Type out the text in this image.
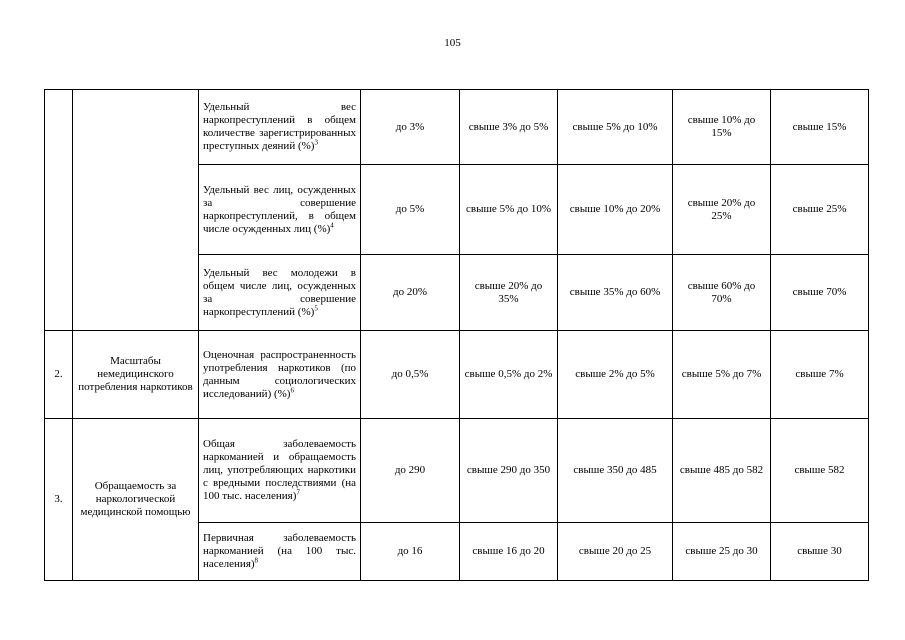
105
		Удельный вес наркопреступлений в общем количестве зарегистрированных преступных деяний (%)$^3$	до 3%	свыше 3% до 5%	свыше 5% до 10%	свыше 10% до 15%	свыше 15%
		Удельный вес лиц, осужденных за совершение наркопреступлений, в общем числе осужденных лиц (%)$^4$	до 5%	свыше 5% до 10%	свыше 10% до 20%	свыше 20% до 25%	свыше 25%
		Удельный вес молодежи в общем числе лиц, осужденных за совершение наркопреступлений (%)$^5$	до 20%	свыше 20% до 35%	свыше 35% до 60%	свыше 60% до 70%	свыше 70%
2.	Масштабы немедицинского потребления наркотиков	Оценочная распространенность употребления наркотиков (по данным социологических исследований) (%)$^6$	до 0,5%	свыше 0,5% до 2%	свыше 2% до 5%	свыше 5% до 7%	свыше 7%
3.	Обращаемость за наркологической медицинской помощью	Общая заболеваемость наркоманией и обращаемость лиц, употребляющих наркотики с вредными последствиями (на 100 тыс. населения)$^7$	до 290	свыше 290 до 350	свыше 350 до 485	свыше 485 до 582	свыше 582
		Первичная заболеваемость наркоманией (на 100 тыс. населения)$^8$	до 16	свыше 16 до 20	свыше 20 до 25	свыше 25 до 30	свыше 30
